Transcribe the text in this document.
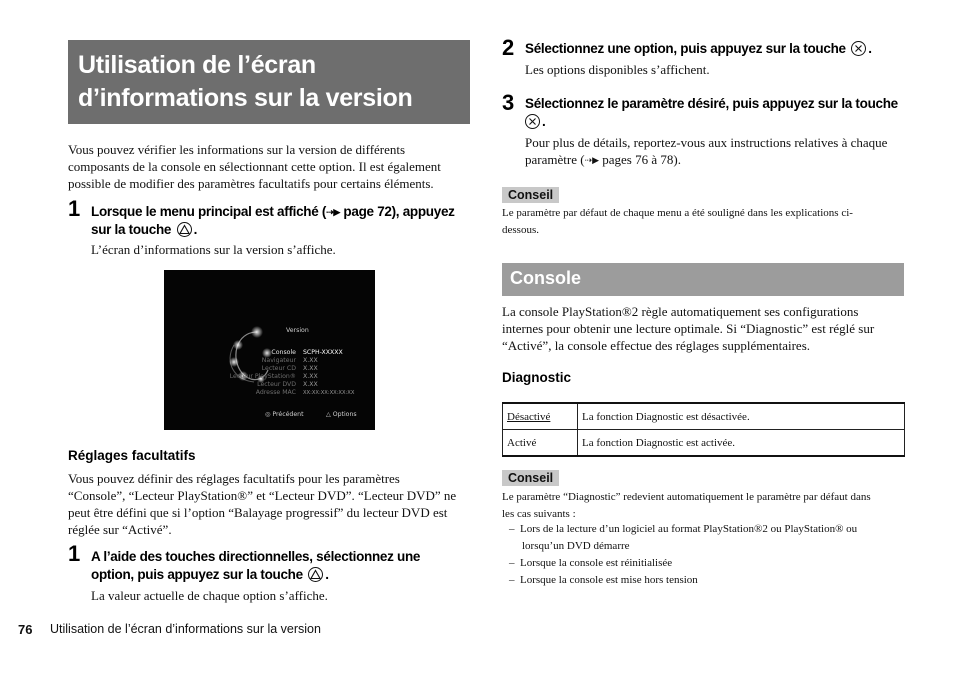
Utilisation de l’écran
d’informations sur la version
Vous pouvez vérifier les informations sur la version de différents
composants de la console en sélectionnant cette option. Il est également
possible de modifier des paramètres facultatifs pour certains éléments.
1 Lorsque le menu principal est affiché (⇢▶ page 72), appuyez
sur la touche .
L’écran d’informations sur la version s’affiche.
Version
Console SCPH-XXXXX
Navigateur X.XX
Lecteur CD X.XX
Lecteur PlayStation® X.XX
Lecteur DVD X.XX
Adresse MAC XX:XX:XX:XX:XX:XX
◎ Précédent	△ Options
Réglages facultatifs
Vous pouvez définir des réglages facultatifs pour les paramètres
“Console”, “Lecteur PlayStation®” et “Lecteur DVD”. “Lecteur DVD” ne
peut être défini que si l’option “Balayage progressif” du lecteur DVD est
réglée sur “Activé”.
1 A l’aide des touches directionnelles, sélectionnez une
option, puis appuyez sur la touche .
La valeur actuelle de chaque option s’affiche.
2 Sélectionnez une option, puis appuyez sur la touche .
Les options disponibles s’affichent.
3 Sélectionnez le paramètre désiré, puis appuyez sur la touche
.
Pour plus de détails, reportez-vous aux instructions relatives à chaque
paramètre (⇢▶ pages 76 à 78).
Conseil
Le paramètre par défaut de chaque menu a été souligné dans les explications ci-
dessous.
Console
La console PlayStation®2 règle automatiquement ses configurations
internes pour obtenir une lecture optimale. Si “Diagnostic” est réglé sur
“Activé”, la console effectue des réglages supplémentaires.
Diagnostic
Désactivé	La fonction Diagnostic est désactivée.
Activé	La fonction Diagnostic est activée.
Conseil
Le paramètre “Diagnostic” redevient automatiquement le paramètre par défaut dans
les cas suivants :
– Lors de la lecture d’un logiciel au format PlayStation®2 ou PlayStation® ou
lorsqu’un DVD démarre
– Lorsque la console est réinitialisée
– Lorsque la console est mise hors tension
76 Utilisation de l’écran d’informations sur la version
